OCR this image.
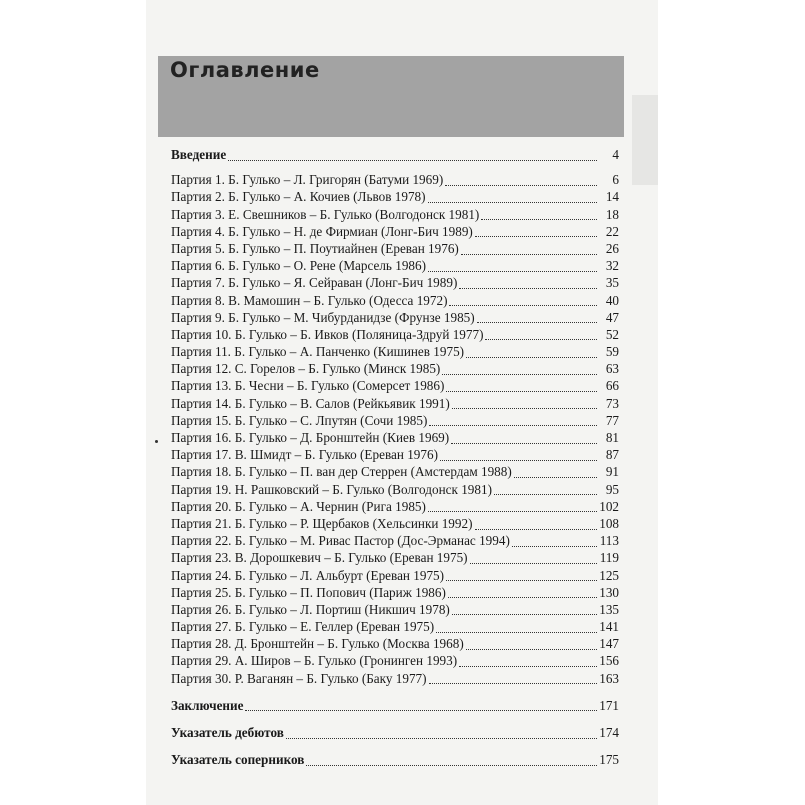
Оглавление
Введение	4
Партия 1. Б. Гулько – Л. Григорян (Батуми 1969)	6
Партия 2. Б. Гулько – А. Кочиев (Львов 1978)	14
Партия 3. Е. Свешников – Б. Гулько (Волгодонск 1981)	18
Партия 4. Б. Гулько – Н. де Фирмиан (Лонг-Бич 1989)	22
Партия 5. Б. Гулько – П. Поутиайнен (Ереван 1976)	26
Партия 6. Б. Гулько – О. Рене (Марсель 1986)	32
Партия 7. Б. Гулько – Я. Сейраван (Лонг-Бич 1989)	35
Партия 8. В. Мамошин – Б. Гулько (Одесса 1972)	40
Партия 9. Б. Гулько – М. Чибурданидзе (Фрунзе 1985)	47
Партия 10. Б. Гулько – Б. Ивков (Поляница-Здруй 1977)	52
Партия 11. Б. Гулько – А. Панченко (Кишинев 1975)	59
Партия 12. С. Горелов – Б. Гулько (Минск 1985)	63
Партия 13. Б. Чесни – Б. Гулько (Сомерсет 1986)	66
Партия 14. Б. Гулько – В. Салов (Рейкьявик 1991)	73
Партия 15. Б. Гулько – С. Лпутян (Сочи 1985)	77
Партия 16. Б. Гулько – Д. Бронштейн (Киев 1969)	81
Партия 17. В. Шмидт – Б. Гулько (Ереван 1976)	87
Партия 18. Б. Гулько – П. ван дер Стеррен (Амстердам 1988)	91
Партия 19. Н. Рашковский – Б. Гулько (Волгодонск 1981)	95
Партия 20. Б. Гулько – А. Чернин (Рига 1985)	102
Партия 21. Б. Гулько – Р. Щербаков (Хельсинки 1992)	108
Партия 22. Б. Гулько – М. Ривас Пастор (Дос-Эрманас 1994)	113
Партия 23. В. Дорошкевич – Б. Гулько (Ереван 1975)	119
Партия 24. Б. Гулько – Л. Альбурт (Ереван 1975)	125
Партия 25. Б. Гулько – П. Попович (Париж 1986)	130
Партия 26. Б. Гулько – Л. Портиш (Никшич 1978)	135
Партия 27. Б. Гулько – Е. Геллер (Ереван 1975)	141
Партия 28. Д. Бронштейн – Б. Гулько (Москва 1968)	147
Партия 29. А. Широв – Б. Гулько (Гронинген 1993)	156
Партия 30. Р. Ваганян – Б. Гулько (Баку 1977)	163
Заключение	171
Указатель дебютов	174
Указатель соперников	175
